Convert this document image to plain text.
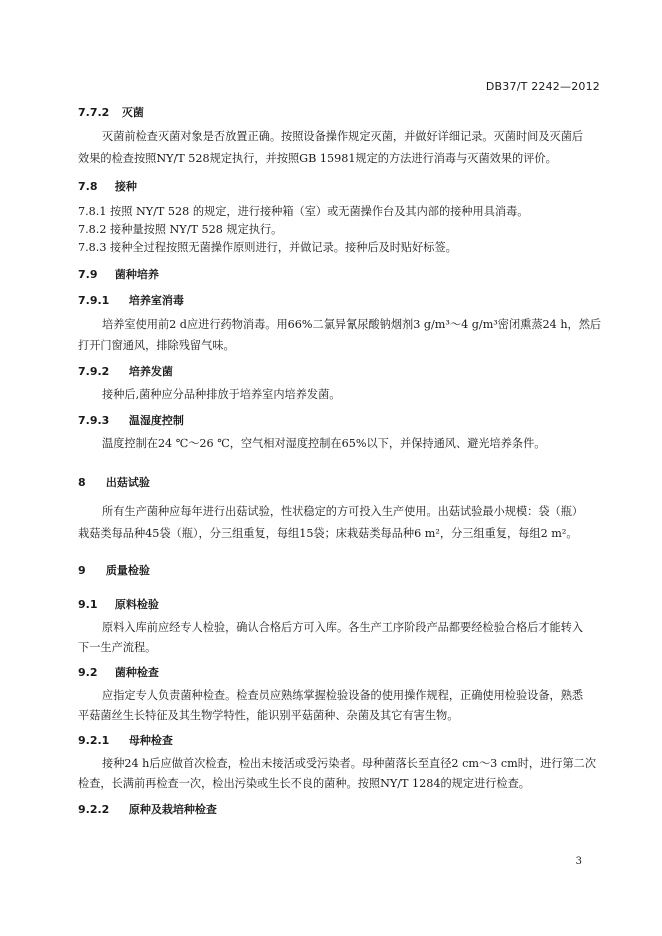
DB37/T 2242—2012
7.7.2 灭菌
灭菌前检查灭菌对象是否放置正确。按照设备操作规定灭菌，并做好详细记录。灭菌时间及灭菌后
效果的检查按照NY/T 528规定执行，并按照GB 15981规定的方法进行消毒与灭菌效果的评价。
7.8 接种
7.8.1 按照 NY/T 528 的规定，进行接种箱（室）或无菌操作台及其内部的接种用具消毒。
7.8.2 接种量按照 NY/T 528 规定执行。
7.8.3 接种全过程按照无菌操作原则进行，并做记录。接种后及时贴好标签。
7.9 菌种培养
7.9.1 培养室消毒
培养室使用前2 d应进行药物消毒。用66%二氯异氰尿酸钠烟剂3 g/m³～4 g/m³密闭熏蒸24 h，然后
打开门窗通风，排除残留气味。
7.9.2 培养发菌
接种后,菌种应分品种排放于培养室内培养发菌。
7.9.3 温湿度控制
温度控制在24 ℃～26 ℃，空气相对湿度控制在65%以下，并保持通风、避光培养条件。
8 出菇试验
所有生产菌种应每年进行出菇试验，性状稳定的方可投入生产使用。出菇试验最小规模：袋（瓶）
栽菇类每品种45袋（瓶），分三组重复，每组15袋；床栽菇类每品种6 m²，分三组重复，每组2 m²。
9 质量检验
9.1 原料检验
原料入库前应经专人检验，确认合格后方可入库。各生产工序阶段产品都要经检验合格后才能转入
下一生产流程。
9.2 菌种检查
应指定专人负责菌种检查。检查员应熟练掌握检验设备的使用操作规程，正确使用检验设备，熟悉
平菇菌丝生长特征及其生物学特性，能识别平菇菌种、杂菌及其它有害生物。
9.2.1 母种检查
接种24 h后应做首次检查，检出未接活或受污染者。母种菌落长至直径2 cm～3 cm时，进行第二次
检查，长满前再检查一次，检出污染或生长不良的菌种。按照NY/T 1284的规定进行检查。
9.2.2 原种及栽培种检查
3
